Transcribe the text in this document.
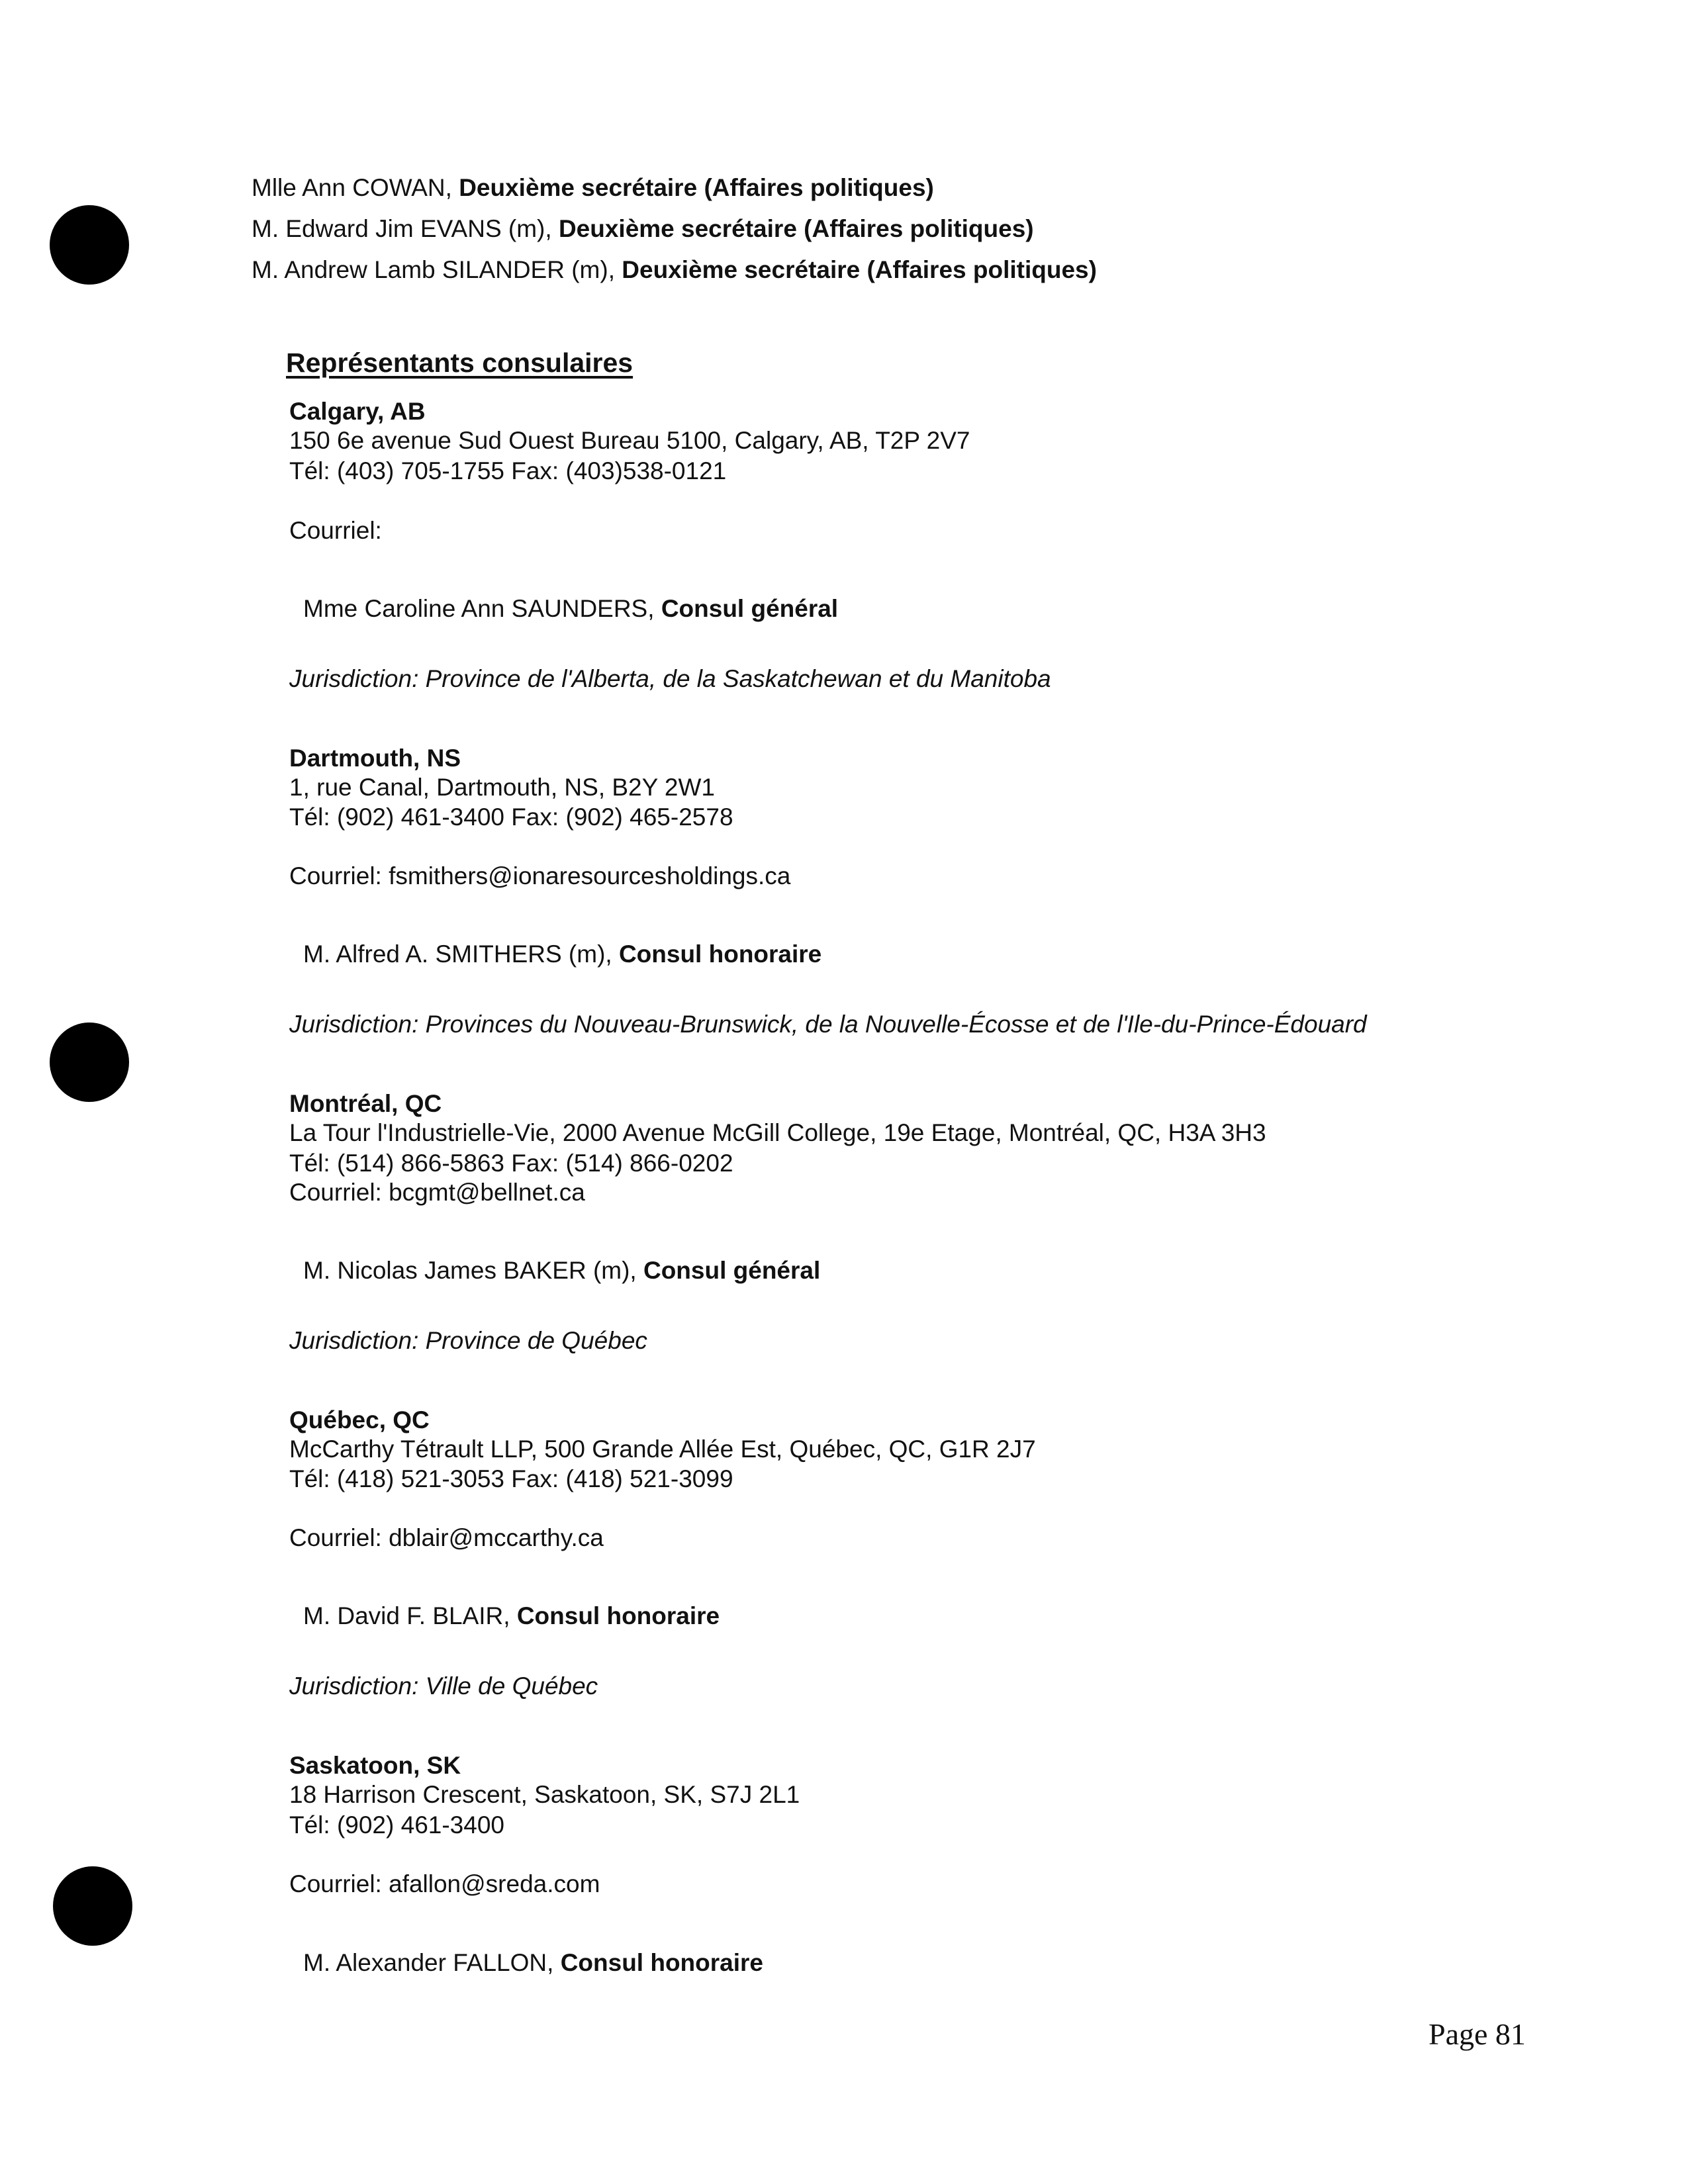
Mlle Ann COWAN, Deuxième secrétaire (Affaires politiques)
M. Edward Jim EVANS (m), Deuxième secrétaire (Affaires politiques)
M. Andrew Lamb SILANDER (m), Deuxième secrétaire (Affaires politiques)
Représentants consulaires
Calgary, AB
150 6e avenue Sud Ouest Bureau 5100, Calgary, AB, T2P 2V7
Tél: (403) 705-1755 Fax: (403)538-0121
Courriel:
Mme Caroline Ann SAUNDERS, Consul général
Jurisdiction: Province de l'Alberta, de la Saskatchewan et du Manitoba
Dartmouth, NS
1, rue Canal, Dartmouth, NS, B2Y 2W1
Tél: (902) 461-3400 Fax: (902) 465-2578
Courriel: fsmithers@ionaresourcesholdings.ca
M. Alfred A. SMITHERS (m), Consul honoraire
Jurisdiction: Provinces du Nouveau-Brunswick, de la Nouvelle-Écosse et de l'Ile-du-Prince-Édouard
Montréal, QC
La Tour l'Industrielle-Vie, 2000 Avenue McGill College, 19e Etage, Montréal, QC, H3A 3H3
Tél: (514) 866-5863 Fax: (514) 866-0202
Courriel: bcgmt@bellnet.ca
M. Nicolas James BAKER (m), Consul général
Jurisdiction: Province de Québec
Québec, QC
McCarthy Tétrault LLP, 500 Grande Allée Est, Québec, QC, G1R 2J7
Tél: (418) 521-3053 Fax: (418) 521-3099
Courriel: dblair@mccarthy.ca
M. David F. BLAIR, Consul honoraire
Jurisdiction: Ville de Québec
Saskatoon, SK
18 Harrison Crescent, Saskatoon, SK, S7J 2L1
Tél: (902) 461-3400
Courriel: afallon@sreda.com
M. Alexander FALLON, Consul honoraire
Page 81
